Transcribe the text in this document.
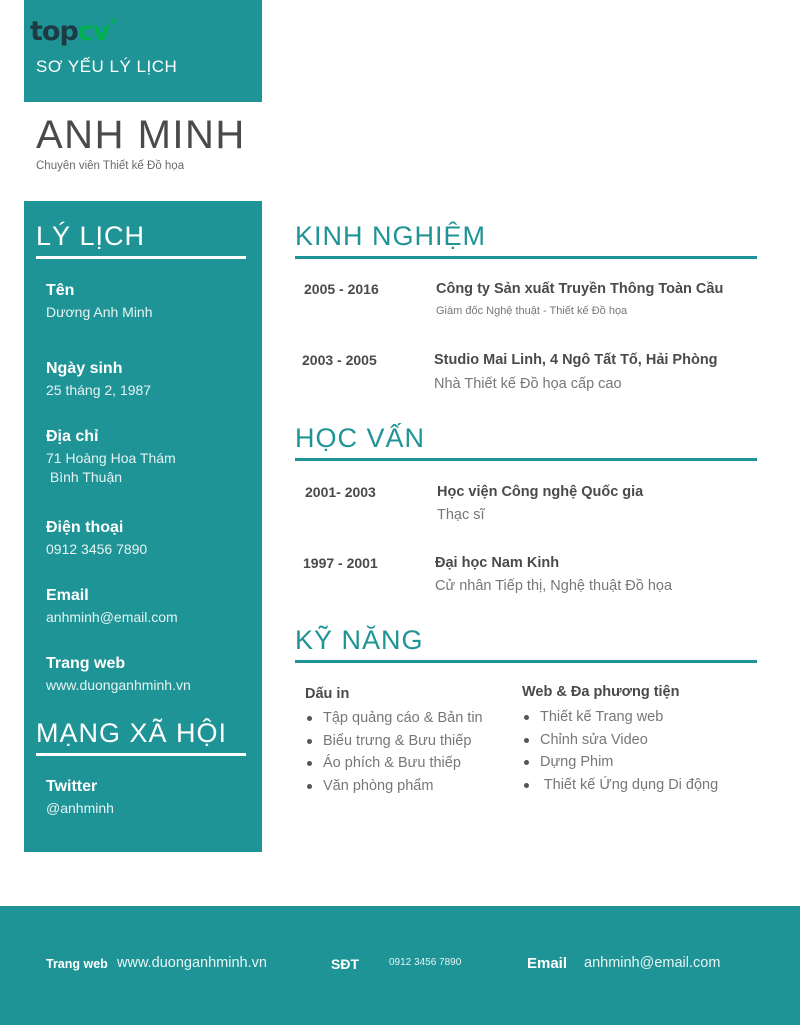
topcv®
SƠ YẾU LÝ LỊCH
ANH MINH
Chuyên viên Thiết kế Đồ họa
LÝ LỊCH
Tên
Dương Anh Minh
Ngày sinh
25 tháng 2, 1987
Địa chỉ
71 Hoàng Hoa Thám
Bình Thuận
Điện thoại
0912 3456 7890
Email
anhminh@email.com
Trang web
www.duonganhminh.vn
MẠNG XÃ HỘI
Twitter
@anhminh
KINH NGHIỆM
2005 - 2016	Công ty Sản xuất Truyền Thông Toàn Cầu
Giám đốc Nghệ thuật - Thiết kế Đồ họa
2003 - 2005	Studio Mai Linh, 4 Ngô Tất Tố, Hải Phòng
Nhà Thiết kế Đồ họa cấp cao
HỌC VẤN
2001- 2003	Học viện Công nghệ Quốc gia
Thạc sĩ
1997 - 2001	Đại học Nam Kinh
Cử nhân Tiếp thị, Nghệ thuật Đồ họa
KỸ NĂNG
Dấu in
Tập quảng cáo & Bản tin
Biểu trưng & Bưu thiếp
Áo phích & Bưu thiếp
Văn phòng phẩm
Web & Đa phương tiện
Thiết kế Trang web
Chỉnh sửa Video
Dựng Phim
Thiết kế Ứng dụng Di động
Trang web www.duonganhminh.vn	SĐT	0912 3456 7890	Email anhminh@email.com
